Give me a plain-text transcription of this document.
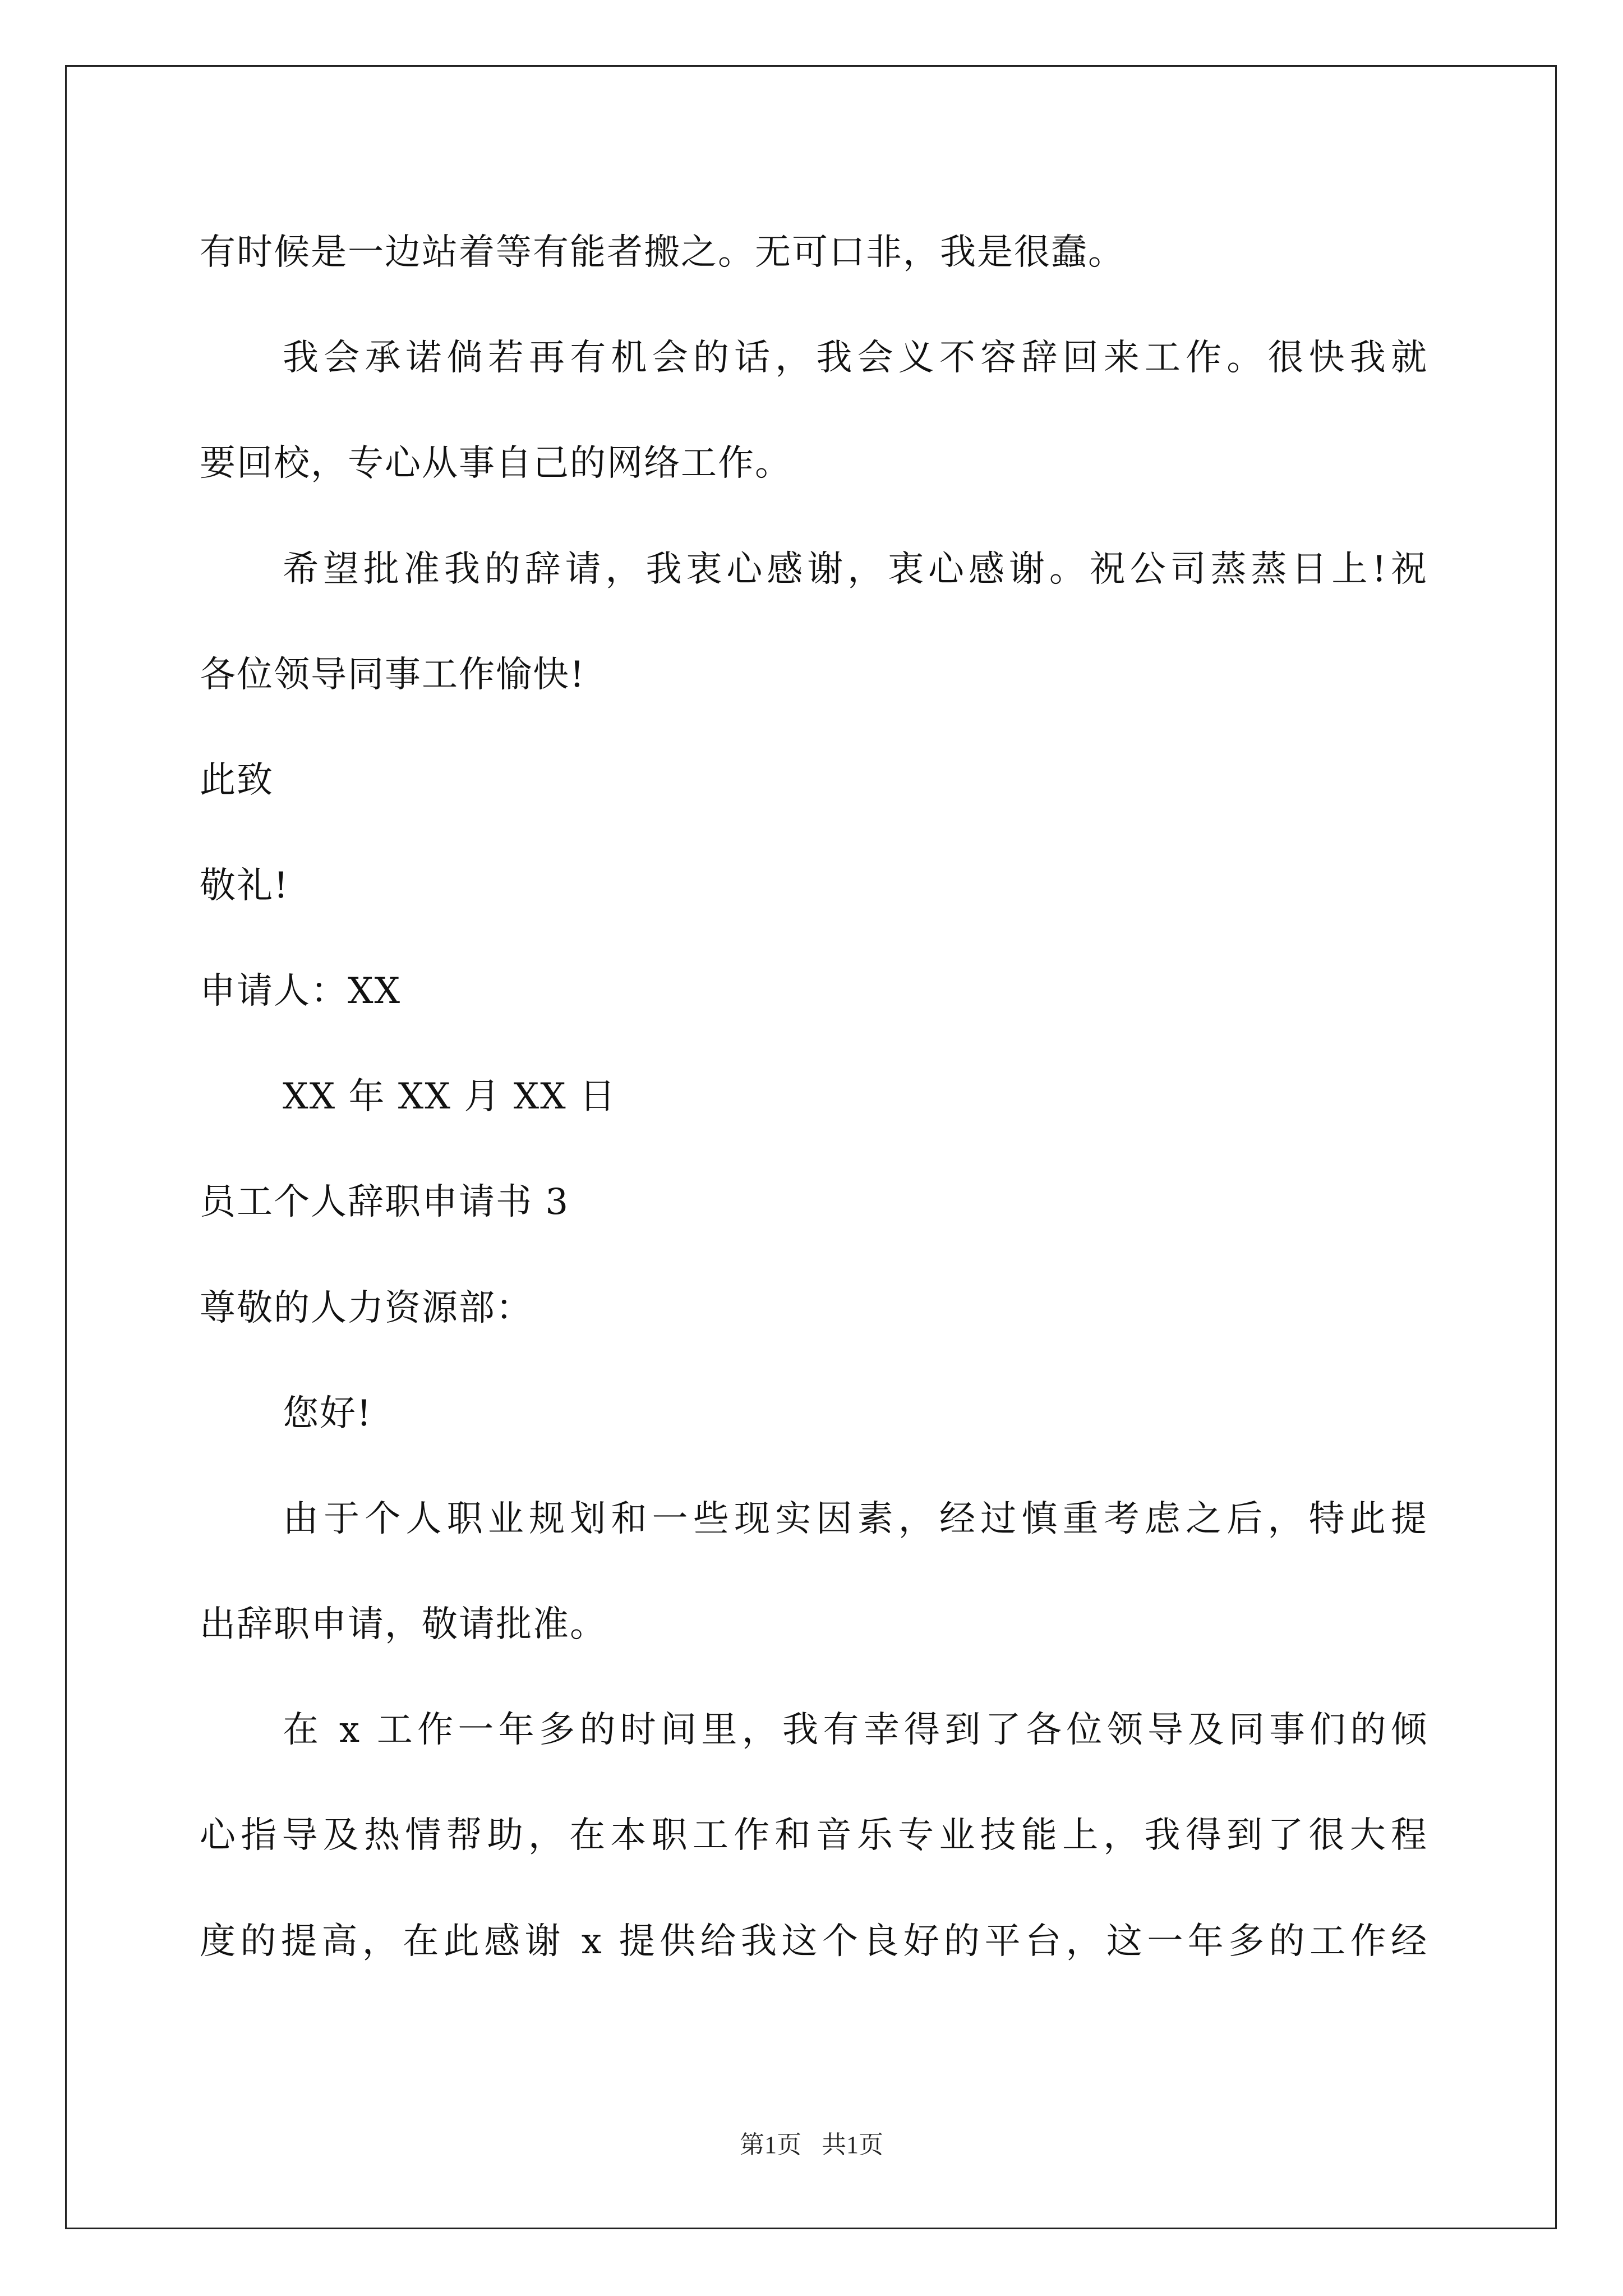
有时候是一边站着等有能者搬之。无可口非，我是很蠢。
我会承诺倘若再有机会的话，我会义不容辞回来工作。很快我就
要回校，专心从事自己的网络工作。
希望批准我的辞请，我衷心感谢，衷心感谢。祝公司蒸蒸日上!祝
各位领导同事工作愉快!
此致
敬礼!
申请人：XX
XX 年 XX 月 XX 日
员工个人辞职申请书 3
尊敬的人力资源部：
您好!
由于个人职业规划和一些现实因素，经过慎重考虑之后，特此提
出辞职申请，敬请批准。
在 x 工作一年多的时间里，我有幸得到了各位领导及同事们的倾
心指导及热情帮助，在本职工作和音乐专业技能上，我得到了很大程
度的提高，在此感谢 x 提供给我这个良好的平台，这一年多的工作经
第1页 共1页
